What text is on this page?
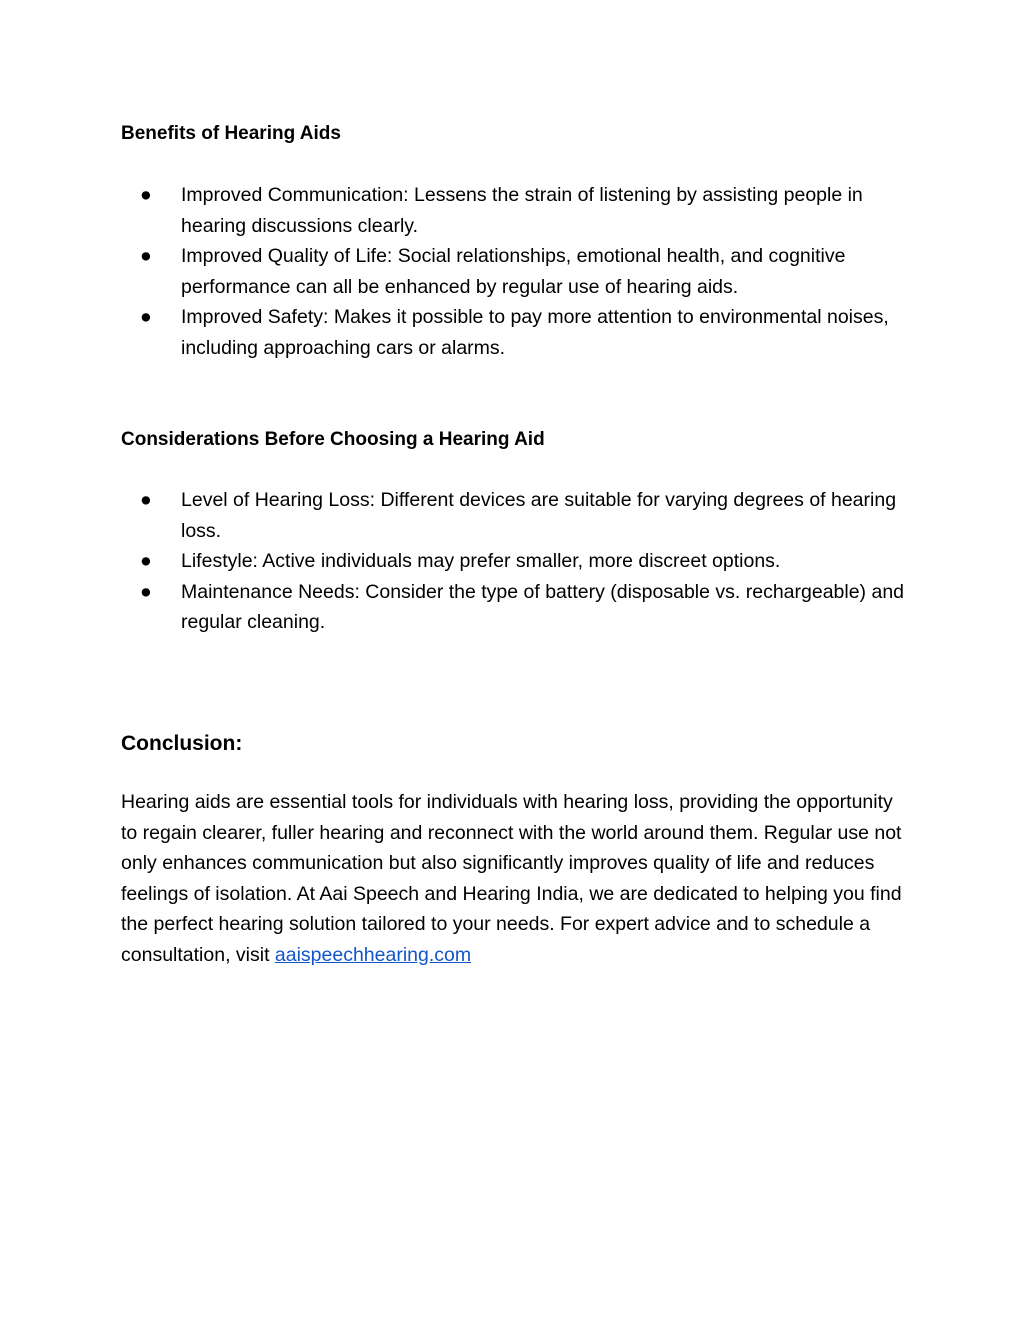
Benefits of Hearing Aids
●	Improved Communication: Lessens the strain of listening by assisting people in hearing discussions clearly.
●	Improved Quality of Life: Social relationships, emotional health, and cognitive performance can all be enhanced by regular use of hearing aids.
●	Improved Safety: Makes it possible to pay more attention to environmental noises, including approaching cars or alarms.
Considerations Before Choosing a Hearing Aid
●	Level of Hearing Loss: Different devices are suitable for varying degrees of hearing loss.
●	Lifestyle: Active individuals may prefer smaller, more discreet options.
●	Maintenance Needs: Consider the type of battery (disposable vs. rechargeable) and regular cleaning.
Conclusion:

Hearing aids are essential tools for individuals with hearing loss, providing the opportunity to regain clearer, fuller hearing and reconnect with the world around them. Regular use not only enhances communication but also significantly improves quality of life and reduces feelings of isolation. At Aai Speech and Hearing India, we are dedicated to helping you find the perfect hearing solution tailored to your needs. For expert advice and to schedule a consultation, visit aaispeechhearing.com
